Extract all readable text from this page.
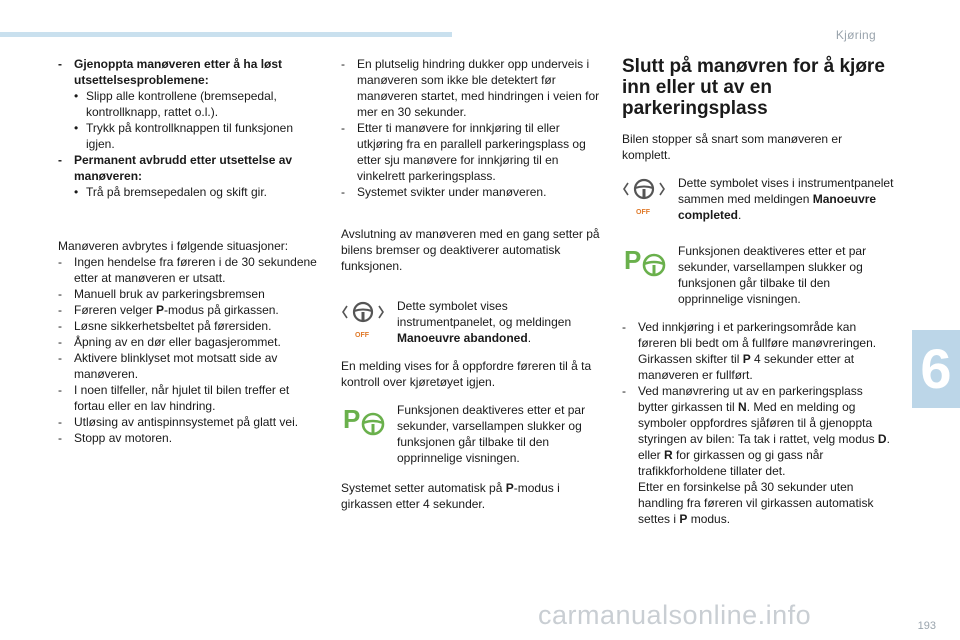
Kjøring
6
193
carmanualsonline.info

- Gjenoppta manøveren etter å ha løst utsettelsesproblemene:

• Slipp alle kontrollene (bremsepedal, kontrollknapp, rattet o.l.).

• Trykk på kontrollknappen til funksjonen igjen.

- Permanent avbrudd etter utsettelse av manøveren:

• Trå på bremsepedalen og skift gir.

Manøveren avbrytes i følgende situasjoner:

- Ingen hendelse fra føreren i de 30 sekundene etter at manøveren er utsatt.

- Manuell bruk av parkeringsbremsen

- Føreren velger P-modus på girkassen.

- Løsne sikkerhetsbeltet på førersiden.

- Åpning av en dør eller bagasjerommet.

- Aktivere blinklyset mot motsatt side av manøveren.

- I noen tilfeller, når hjulet til bilen treffer et fortau eller en lav hindring.

- Utløsing av antispinnsystemet på glatt vei.

- Stopp av motoren.

- En plutselig hindring dukker opp underveis i manøveren som ikke ble detektert før manøveren startet, med hindringen i veien for mer en 30 sekunder.

- Etter ti manøvere for innkjøring til eller utkjøring fra en parallell parkeringsplass og etter sju manøvere for innkjøring til en vinkelrett parkeringsplass.

- Systemet svikter under manøveren.

Avslutning av manøveren med en gang setter på bilens bremser og deaktiverer automatisk funksjonen.

OFF
Dette symbolet vises instrumentpanelet, og meldingen Manoeuvre abandoned.

En melding vises for å oppfordre føreren til å ta kontroll over kjøretøyet igjen.

P	Funksjonen deaktiveres etter et par sekunder, varsellampen slukker og funksjonen går tilbake til den opprinnelige visningen.

Systemet setter automatisk på P-modus i girkassen etter 4 sekunder.

Slutt på manøvren for å kjøre inn eller ut av en parkeringsplass

Bilen stopper så snart som manøveren er komplett.

OFF
Dette symbolet vises i instrumentpanelet sammen med meldingen Manoeuvre completed.
P	Funksjonen deaktiveres etter et par sekunder, varsellampen slukker og funksjonen går tilbake til den opprinnelige visningen.
- Ved innkjøring i et parkeringsområde kan føreren bli bedt om å fullføre manøvreringen.

Girkassen skifter til P 4 sekunder etter at manøveren er fullført.

- Ved manøvrering ut av en parkeringsplass bytter girkassen til N. Med en melding og symboler oppfordres sjåføren til å gjenoppta styringen av bilen: Ta tak i rattet, velg modus D. eller R for girkassen og gi gass når trafikkforholdene tillater det.

Etter en forsinkelse på 30 sekunder uten handling fra føreren vil girkassen automatisk settes i P modus.
